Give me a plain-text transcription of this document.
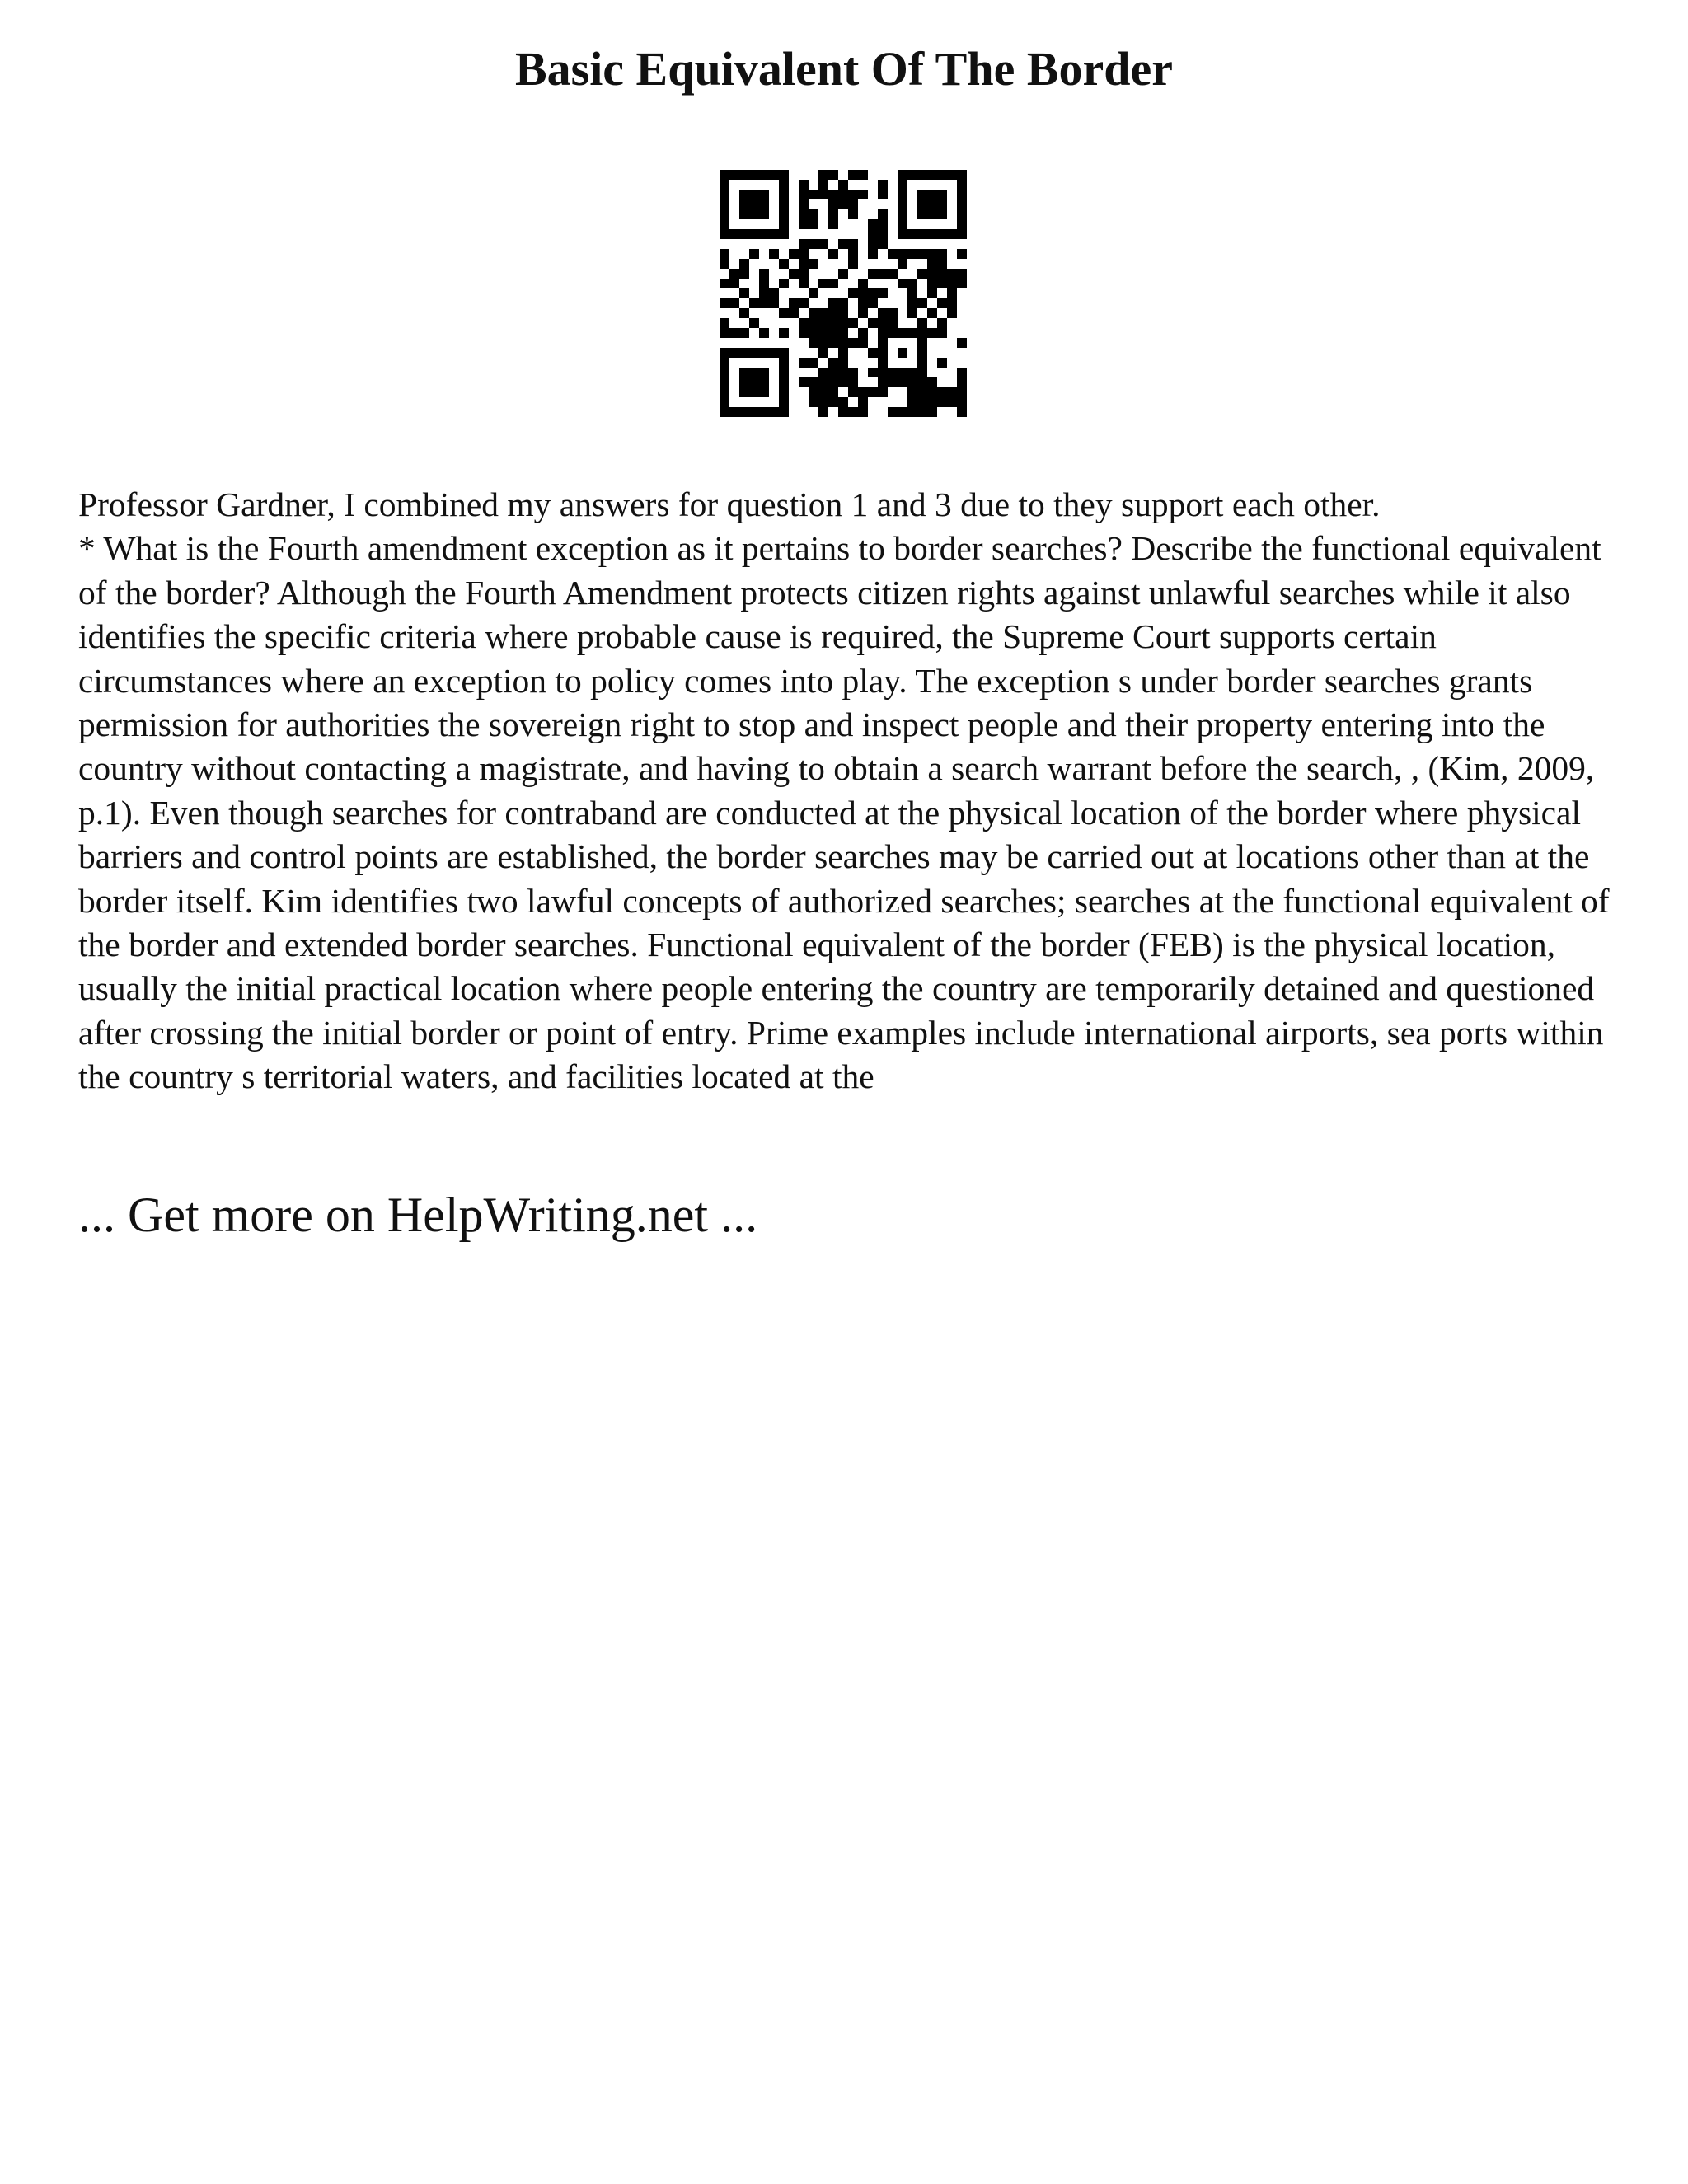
Basic Equivalent Of The Border

Professor Gardner, I combined my answers for question 1 and 3 due to they support each other.

* What is the Fourth amendment exception as it pertains to border searches? Describe the functional equivalent of the border? Although the Fourth Amendment protects citizen rights against unlawful searches while it also identifies the specific criteria where probable cause is required, the Supreme Court supports certain circumstances where an exception to policy comes into play. The exception s under border searches grants permission for authorities the sovereign right to stop and inspect people and their property entering into the country without contacting a magistrate, and having to obtain a search warrant before the search, , (Kim, 2009, p.1). Even though searches for contraband are conducted at the physical location of the border where physical barriers and control points are established, the border searches may be carried out at locations other than at the border itself. Kim identifies two lawful concepts of authorized searches; searches at the functional equivalent of the border and extended border searches. Functional equivalent of the border (FEB) is the physical location, usually the initial practical location where people entering the country are temporarily detained and questioned after crossing the initial border or point of entry. Prime examples include international airports, sea ports within the country s territorial waters, and facilities located at the

... Get more on HelpWriting.net ...
